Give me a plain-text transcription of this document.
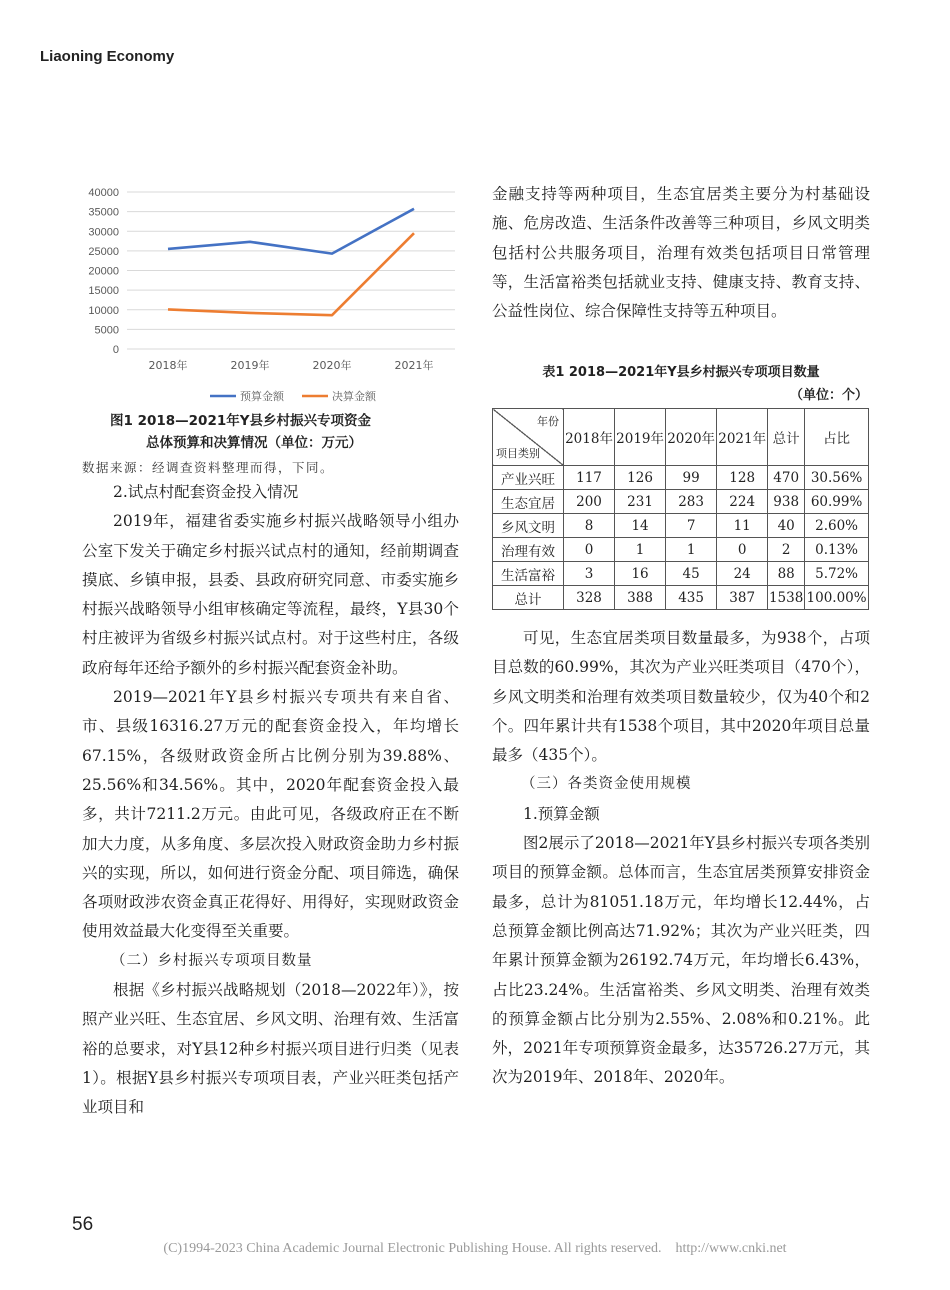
Liaoning Economy
0
5000
10000
15000
20000
25000
30000
35000
40000
2018年	2019年	2020年	2021年
预算金额	决算金额
图1 2018—2021年Y县乡村振兴专项资金
总体预算和决算情况（单位：万元）
数据来源：经调查资料整理而得，下同。

2.试点村配套资金投入情况

2019年，福建省委实施乡村振兴战略领导小组办公室下发关于确定乡村振兴试点村的通知，经前期调查摸底、乡镇申报，县委、县政府研究同意、市委实施乡村振兴战略领导小组审核确定等流程，最终，Y县30个村庄被评为省级乡村振兴试点村。对于这些村庄，各级政府每年还给予额外的乡村振兴配套资金补助。

2019—2021年Y县乡村振兴专项共有来自省、市、县级16316.27万元的配套资金投入，年均增长67.15%，各级财政资金所占比例分别为39.88%、25.56%和34.56%。其中，2020年配套资金投入最多，共计7211.2万元。由此可见，各级政府正在不断加大力度，从多角度、多层次投入财政资金助力乡村振兴的实现，所以，如何进行资金分配、项目筛选，确保各项财政涉农资金真正花得好、用得好，实现财政资金使用效益最大化变得至关重要。

（二）乡村振兴专项项目数量

根据《乡村振兴战略规划（2018—2022年）》，按照产业兴旺、生态宜居、乡风文明、治理有效、生活富裕的总要求，对Y县12种乡村振兴项目进行归类（见表1）。根据Y县乡村振兴专项项目表，产业兴旺类包括产业项目和

金融支持等两种项目，生态宜居类主要分为村基础设施、危房改造、生活条件改善等三种项目，乡风文明类包括村公共服务项目，治理有效类包括项目日常管理等，生活富裕类包括就业支持、健康支持、教育支持、公益性岗位、综合保障性支持等五种项目。

表1 2018—2021年Y县乡村振兴专项项目数量
（单位：个）
年份
项目类别	2018年	2019年	2020年	2021年	总计	占比
产业兴旺	117	126	99	128	470	30.56%
生态宜居	200	231	283	224	938	60.99%
乡风文明	8	14	7	11	40	2.60%
治理有效	0	1	1	0	2	0.13%
生活富裕	3	16	45	24	88	5.72%
总计	328	388	435	387	1538	100.00%

可见，生态宜居类项目数量最多，为938个，占项目总数的60.99%，其次为产业兴旺类项目（470个），乡风文明类和治理有效类项目数量较少，仅为40个和2个。四年累计共有1538个项目，其中2020年项目总量最多（435个）。

（三）各类资金使用规模

1.预算金额

图2展示了2018—2021年Y县乡村振兴专项各类别项目的预算金额。总体而言，生态宜居类预算安排资金最多，总计为81051.18万元，年均增长12.44%，占总预算金额比例高达71.92%；其次为产业兴旺类，四年累计预算金额为26192.74万元，年均增长6.43%，占比23.24%。生活富裕类、乡风文明类、治理有效类的预算金额占比分别为2.55%、2.08%和0.21%。此外，2021年专项预算资金最多，达35726.27万元，其次为2019年、2018年、2020年。

56
(C)1994-2023 China Academic Journal Electronic Publishing House. All rights reserved.    http://www.cnki.net
